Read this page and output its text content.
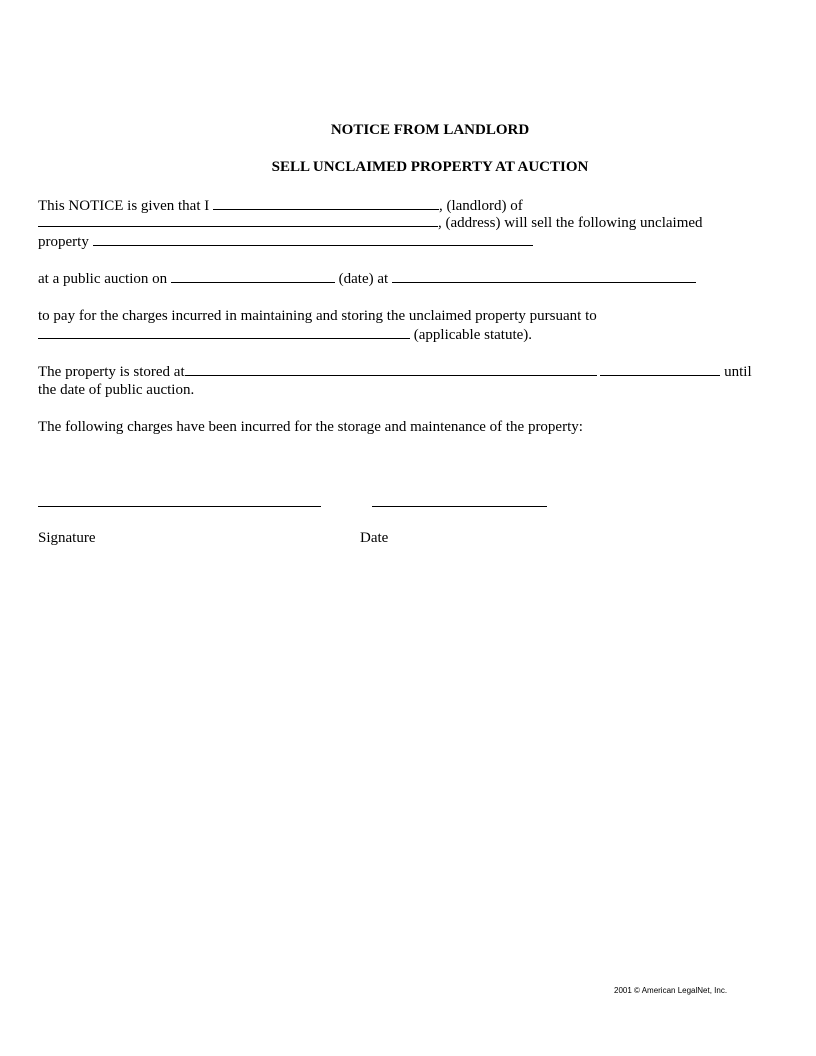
NOTICE FROM LANDLORD
SELL UNCLAIMED PROPERTY AT AUCTION
This NOTICE is given that I	, (landlord) of
, (address) will sell the following unclaimed
property
at a public auction on	(date) at
to pay for the charges incurred in maintaining and storing the unclaimed property pursuant to
(applicable statute).
The property is stored at	until
the date of public auction.
The following charges have been incurred for the storage and maintenance of the property:
Signature	Date
2001 © American LegalNet, Inc.
